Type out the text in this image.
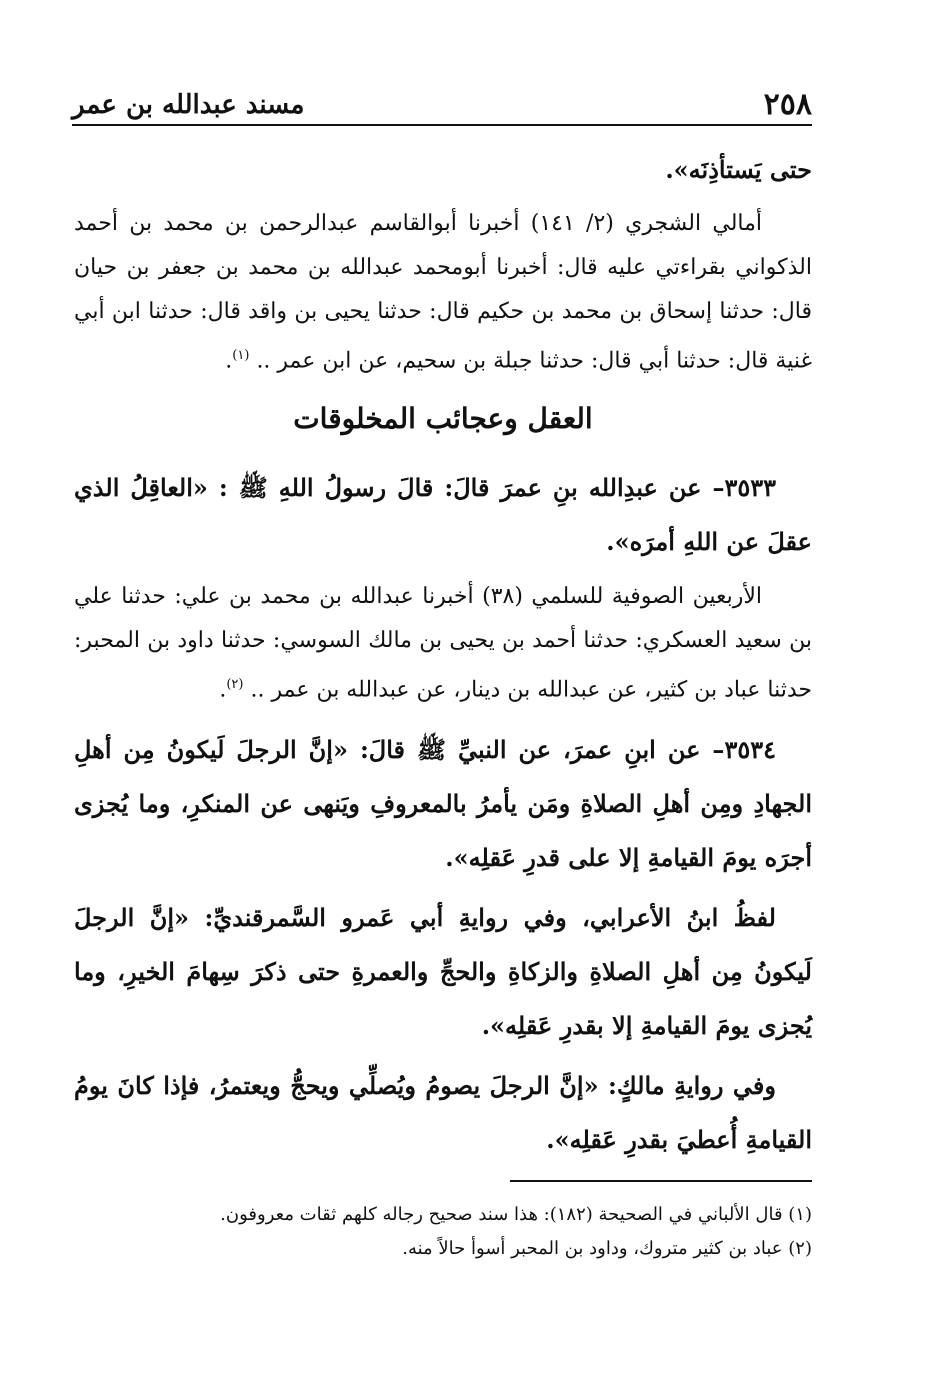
٢٥٨
مسند عبدالله بن عمر

حتى يَستأذِنَه».

أمالي الشجري (٢/ ١٤١) أخبرنا أبوالقاسم عبدالرحمن بن محمد بن أحمد الذكواني بقراءتي عليه قال: أخبرنا أبومحمد عبدالله بن محمد بن جعفر بن حيان قال: حدثنا إسحاق بن محمد بن حكيم قال: حدثنا يحيى بن واقد قال: حدثنا ابن أبي غنية قال: حدثنا أبي قال: حدثنا جبلة بن سحيم، عن ابن عمر .. $^{(١)}$.

العقل وعجائب المخلوقات

٣٥٣٣– عن عبدِالله بنِ عمرَ قالَ: قالَ رسولُ اللهِ ﷺ : «العاقِلُ الذي عقلَ عن اللهِ أمرَه».

الأربعين الصوفية للسلمي (٣٨) أخبرنا عبدالله بن محمد بن علي: حدثنا علي بن سعيد العسكري: حدثنا أحمد بن يحيى بن مالك السوسي: حدثنا داود بن المحبر: حدثنا عباد بن كثير، عن عبدالله بن دينار، عن عبدالله بن عمر .. $^{(٢)}$.

٣٥٣٤– عن ابنِ عمرَ، عن النبيِّ ﷺ قالَ: «إنَّ الرجلَ لَيكونُ مِن أهلِ الجهادِ ومِن أهلِ الصلاةِ ومَن يأمرُ بالمعروفِ ويَنهى عن المنكرِ، وما يُجزى أجرَه يومَ القيامةِ إلا على قدرِ عَقلِه».

لفظُ ابنُ الأعرابي، وفي روايةِ أبي عَمرو السَّمرقنديِّ: «إنَّ الرجلَ لَيكونُ مِن أهلِ الصلاةِ والزكاةِ والحجِّ والعمرةِ حتى ذكرَ سِهامَ الخيرِ، وما يُجزى يومَ القيامةِ إلا بقدرِ عَقلِه».

وفي روايةِ مالكٍ: «إنَّ الرجلَ يصومُ ويُصلِّي ويحجُّ ويعتمرُ، فإذا كانَ يومُ القيامةِ أُعطيَ بقدرِ عَقلِه».

(١) قال الألباني في الصحيحة (١٨٢): هذا سند صحيح رجاله كلهم ثقات معروفون.

(٢) عباد بن كثير متروك، وداود بن المحبر أسوأ حالاً منه.
